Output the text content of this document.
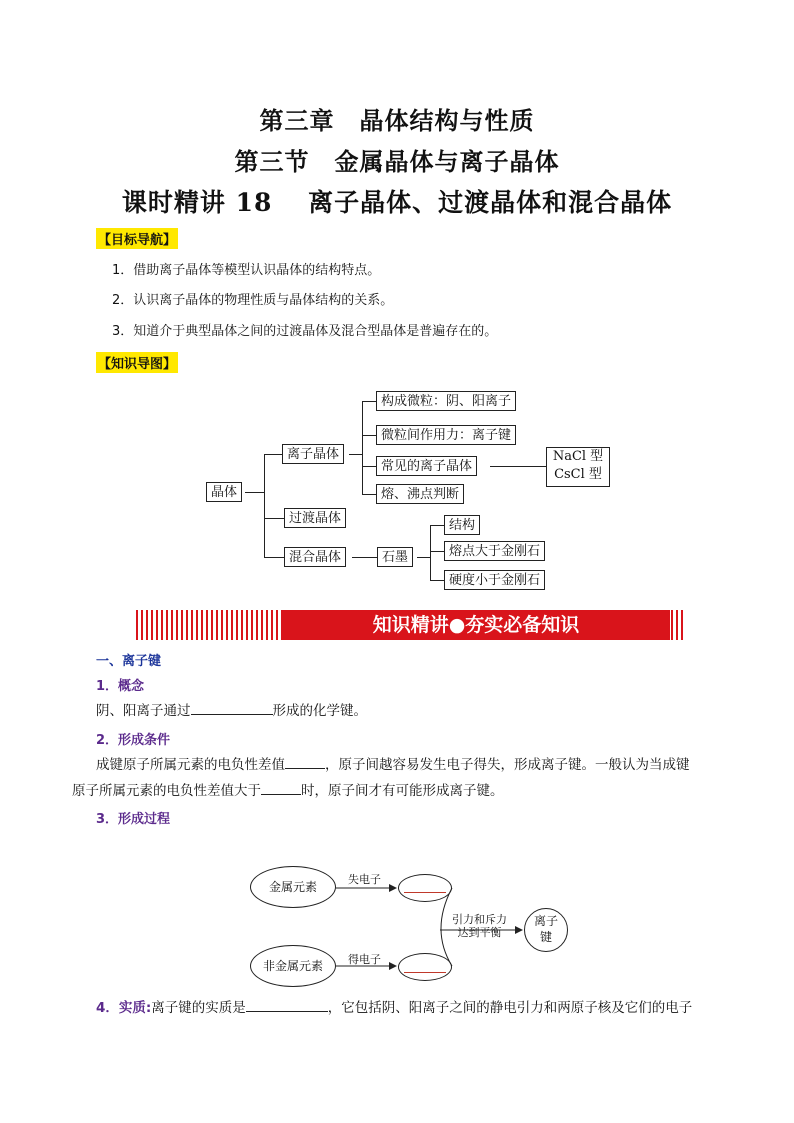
第三章　晶体结构与性质
第三节　金属晶体与离子晶体
课时精讲 18　 离子晶体、过渡晶体和混合晶体
【目标导航】
1．借助离子晶体等模型认识晶体的结构特点。
2．认识离子晶体的物理性质与晶体结构的关系。
3．知道介于典型晶体之间的过渡晶体及混合型晶体是普遍存在的。
【知识导图】
晶体
离子晶体
构成微粒：阴、阳离子
微粒间作用力：离子键
常见的离子晶体
熔、沸点判断
NaCl 型
CsCl 型
过渡晶体
混合晶体	石墨
结构
熔点大于金刚石
硬度小于金刚石
知识精讲●夯实必备知识
一、离子键
1．概念
阴、阳离子通过	形成的化学键。
2．形成条件
成键原子所属元素的电负性差值	，原子间越容易发生电子得失，形成离子键。一般认为当成键
原子所属元素的电负性差值大于	时，原子间才有可能形成离子键。
3．形成过程
金属元素
非金属元素
离子
键
失电子
得电子
引力和斥力
达到平衡
4．实质:离子键的实质是	，它包括阴、阳离子之间的静电引力和两原子核及它们的电子
